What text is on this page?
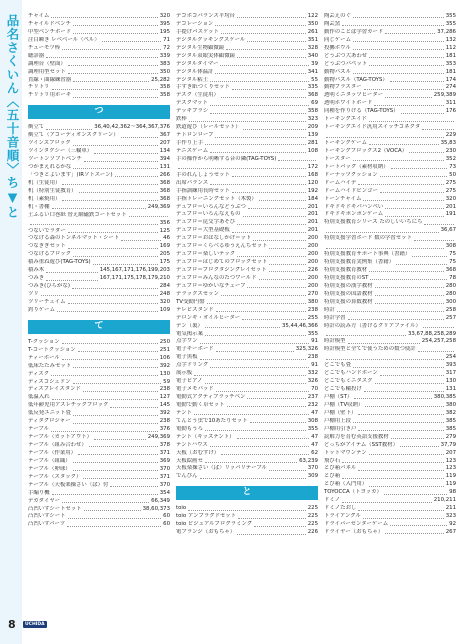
品名さくいん〈五十音順〉ち▼と チャイム	320
チャイルドベンチ	395
中型ベンチボード	195
注目瞬き レベベール〈ペル〉	71
チューモツ棒	72
聴診器	339
調理台（壁面）	383
調理用型セット	350
直線・曲線練習器	25,282
チリトリ	358
チリトリ用ホーキ	358
つ
衝立て	36,40,42,362〜364,367,376
衝立て（アコーディオンスクリーン）	367
ツインズブロック	207
ツインタクシー（三輪車）	134
ツートンソフトベンチ	394
つかまえれるかな	131
「つきとよいます」(IRソトスーン)	266
机（生徒用）	368
机（特別生徒教育）	368
机（素焼用）	368
机・書棚	249,369
土ふるい口巻紙 替え網磁鉄コートセット
356
つないでラダー	125
つなげる森のトンネルマット・シート	46
つなぎぎセット	169
つなげるブロック	205
積み重ね遊び(TAG-TOYS)	175
積み木	145,167,171,176,199,203
つみき	167,171,175,178,179,210
つみき(ひらがな)	284
ツリ	248
ツリーチェイム	320
釣りゲーム	109
て
T-クッション	250
T-コートクッション	251
ティーボール	106
低床たたみセット	392
ディスク	130
ディスコシェドン	59
ディスプレイスタンド	238
低温入れ	127
低年齢児用アスレチックブロック	145
低反発ユニット畳	392
ディタグロジャー	238
テーブル	376
テーブル（カットアウト）	249,369
テーブル（組み合わせ）	378
テーブル（作業用）	371
テーブル（組織）	369
テーブル（卵球）	370
テーブル（スタック）	371
テーブル（天板楽操さい〈ぱ）付	370
手編り機	354
デカダイヤー	66,349
凸凹いすシートセット	38,60,373
凸凹いすシート	60
凸凹いすパーツ	60
デコボコパランス平均台	122
デコレーション	350
手提げバスケット	261
デジタルクッキングスケール	351
デジタル生物顕微鏡	328
デジタル双眼実体顕微鏡	340
デジタルタイマー	39
デジタル体温計	341
デジタル粘土	55
手すき紙づくりセット	335
デスク（生徒用）	368
デスクマット	69
デッキプラシ	358
鉄棒	323
鉄道遊び（レールセット）	209
テトロンロープ	139
手作り上手	281
テニスゲーム	108
手の操作から明晰する音の隣(TAG-TOYS)
172
手のれんしょうセット	168
出席パランス	120
手指訓練用長時セット	192
手指トレーニングセット（木製）	184
デュプロ＝いろんなどうぶつ	201
デュプロ＝いろんなえもの	201
デュプロ＝昆交字あそび	201
デュプロ＝大型基礎板	201
デュプロ＝おはなしかけ＝ット	200
デュプロ＝くらべるゆうえんちセット	200
デュプロ＝楽しいテック	200
デュプロ＝はじめてのブロックセット	200
デュプロ＝プロクタジングレイセット	226
デュプロ＝みんなのたつワールド	200
デュプロ＝ゆかいなチェーブ	200
デラックスセッン	270
TV受動円盤	380
テレビスタンド	238
デロンギ・オイルヒーター	255
デン（裏）	35,44,46,366
電気掲示案	355
点字ワン	91
電子キーボード	325,326
電子黒板	238
点字ドリング	91
展示板	332
電子ピアノ	326
電子メモパッド	70
電動式アクティブラッチベン	237
電動で動く卓セット	232
テント	47
てんとう虫で10あたりセット	308
電動もうろ	355
テント（キッズテント）	47
テントハウス	47
天板（おむずけ）	62
天板絵画セ	63,239
天板楽操さい〈ぱ〉リッパリテーブル	370
でんぴん	309
と
toio	225
toio アンプラグドセット	225
toio ビジュアルプログラミング	225
電ブランジ（おもちゃ）	226
陶芸えのぐ	355
陶芸窯	355
動作のことば学習カード	37,286
同じゲーム	132
投擲ボウル	112
どうぶつ大あわせ	181
どうぶつパペット	353
動物パズル	181
動物パズル（TAG-TOYS）	174
動物プラスター	274
透明ミニタッツヒーター	259,389
透明ホワイトボード	311
同種を作りける（TAG-TOYS）	176
トーキングエイド
トーキングエイド汎用スイッチコネクタ
229
トーキングゲーム	35,83
トーキングブロックス2（VOCA）	230
トースター	352
トートバッグ（素材収納）	73
ドーナッツクッション	50
ドームハイデ	275
ドームハイドビンゴー	275
トーンチャイム	320
ドキドキドキパハンペい	201
ドキドキポンポンゲーム	191
特別支援教育シリーズ たのしいいちにち
36,67
特別支援学習ボード 数の学習セット
308
特別支援教育サポート事典（書籍）	75
特別支援教育実例集（書籍）	75
特別支援教育教材	368
特別支援教育のST	78
特別支援の漢字教材	280
特別支援の国語教材	280
特別支援の算数教材	300
時計	258
時計学習	257
時計の読み方（書けるクリアファイル）
33,67,88,258,289
時計模型	254,257,258
時計模型と全てで使うための数つ使計
254
どこでも畳	393
どこでもハンドボーン	317
どこでもミニタスク	130
どこでも輪投げ	131
戸棚（ST）	380,385
戸棚（TV収納）	380
戸棚（壁下）	382
戸棚用上段	385
戸棚用引き戸	385
読解力を育む英語支援教材	279
どっちがアイテム（SST教材）	37,79
トットマウンテン	207
飛び石	123
とび箱パネル	123
とび箱	119
とび箱（入門用）	119
TOYOCCA（トヨッカ）	98
ドミノ	210,211
ドミノたおし	211
トライアングル	323
ドライバーセンターゲーム	92
ドライヤー（おもちゃ）	267
8	UCHIDA
